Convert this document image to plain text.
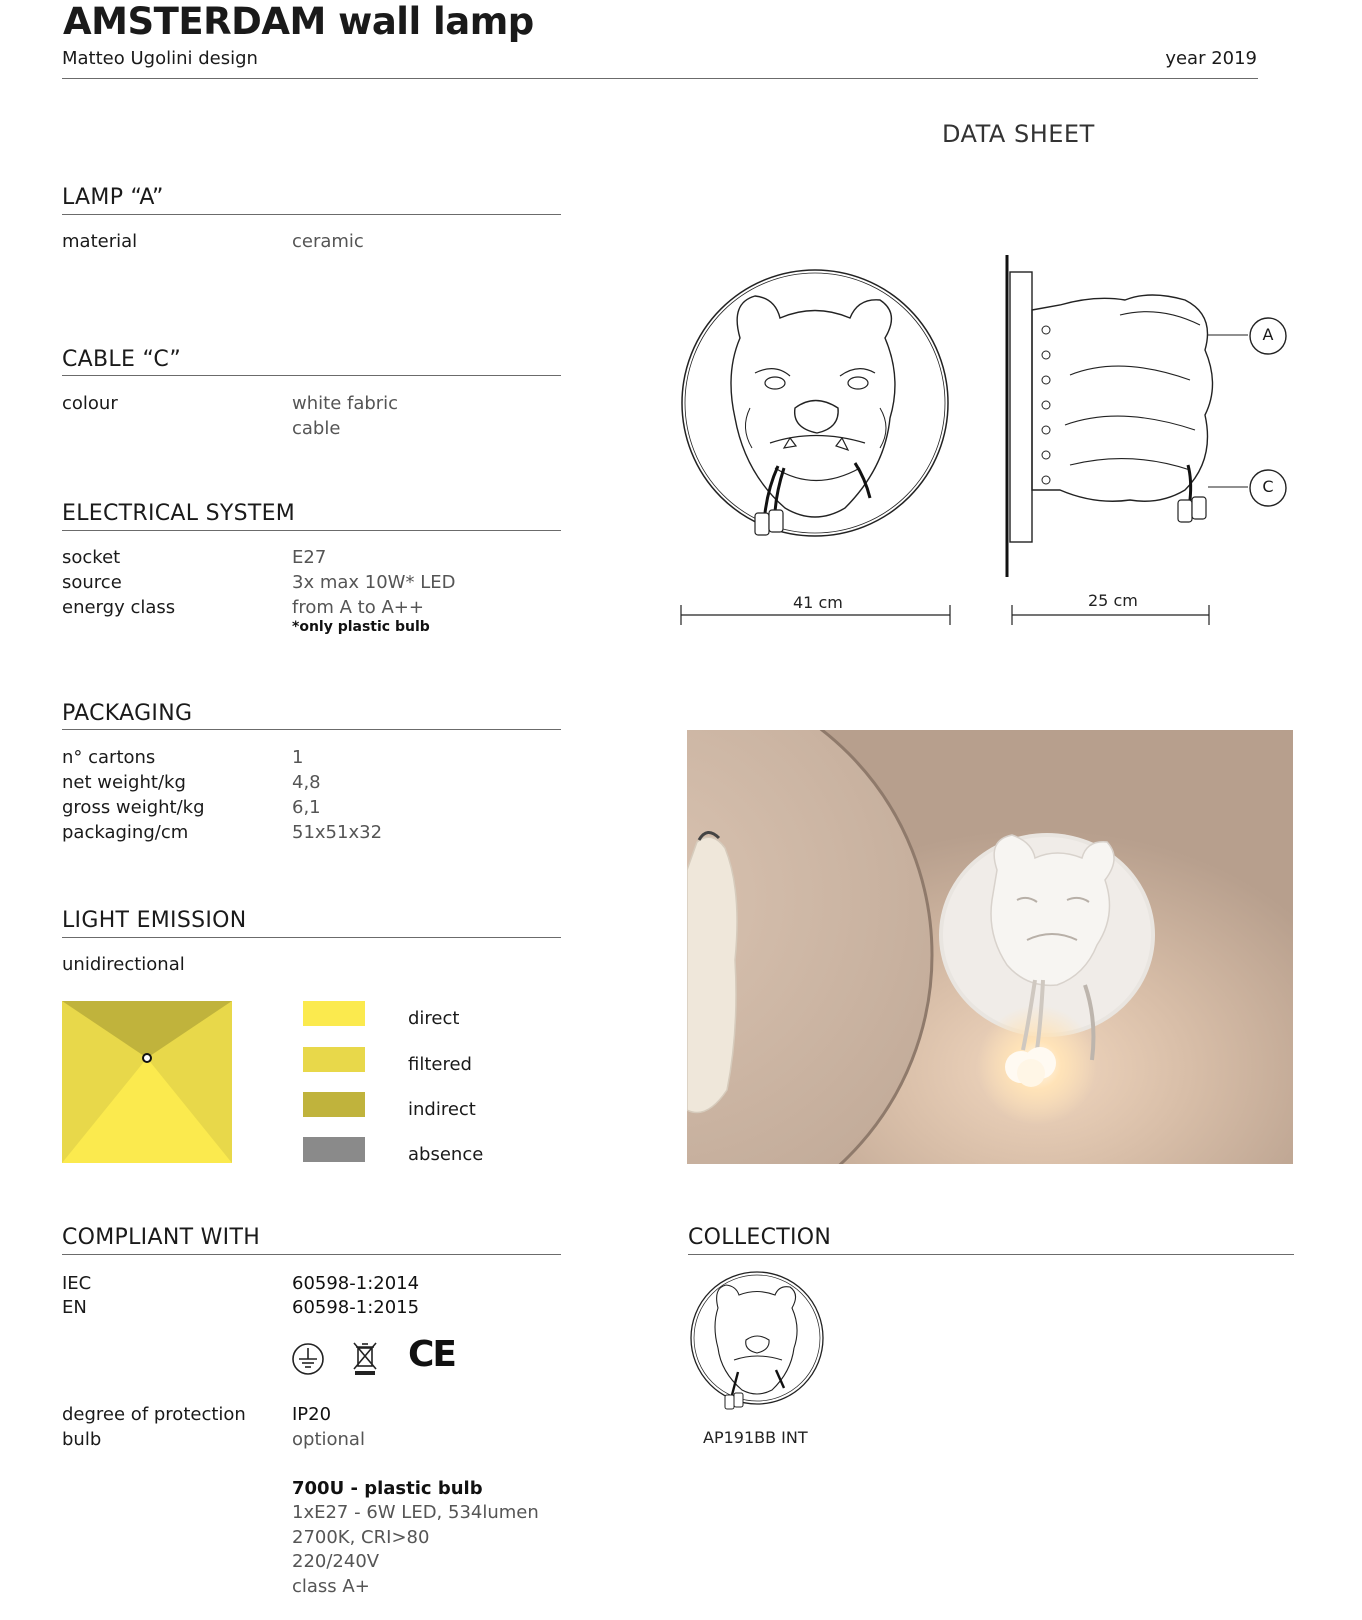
AMSTERDAM wall lamp
Matteo Ugolini design	year 2019
DATA SHEET
LAMP “A”
material	ceramic
CABLE “C”
colour	white fabric
cable
ELECTRICAL SYSTEM
socket	E27
source	3x max 10W* LED
energy class	from A to A++
*only plastic bulb
PACKAGING
n° cartons	1
net weight/kg	4,8
gross weight/kg	6,1
packaging/cm	51x51x32
LIGHT EMISSION
unidirectional
direct
filtered
indirect
absence
COMPLIANT WITH
IEC	60598-1:2014
EN	60598-1:2015
CE
degree of protection	IP20
bulb	optional
700U - plastic bulb
1xE27 - 6W LED, 534lumen
2700K, CRI>80
220/240V
class A+
41 cm
A
C
25 cm
COLLECTION
AP191BB INT
